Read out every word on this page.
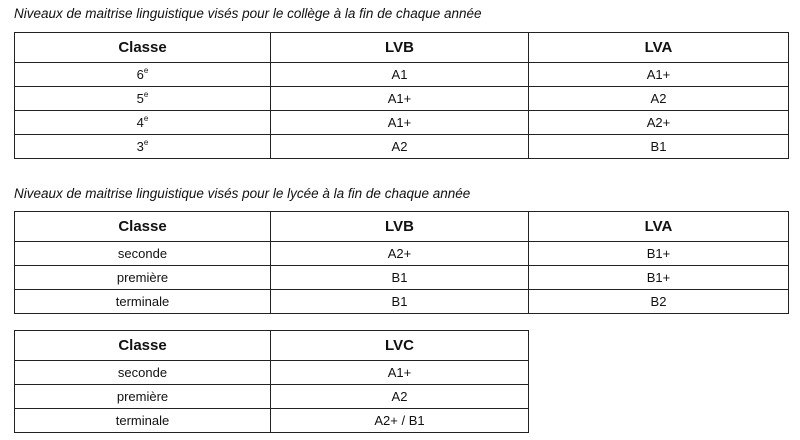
Niveaux de maitrise linguistique visés pour le collège à la fin de chaque année
Classe	LVB	LVA
6e	A1	A1+
$5^e$	A1+	A2
4e	A1+	A2+
$3^e$	A2	B1
Niveaux de maitrise linguistique visés pour le lycée à la fin de chaque année
Classe	LVB	LVA
seconde	A2+	B1+
première	B1	B1+
terminale	B1	B2
Classe	LVC
seconde	A1+
première	A2
terminale	A2+ / B1
